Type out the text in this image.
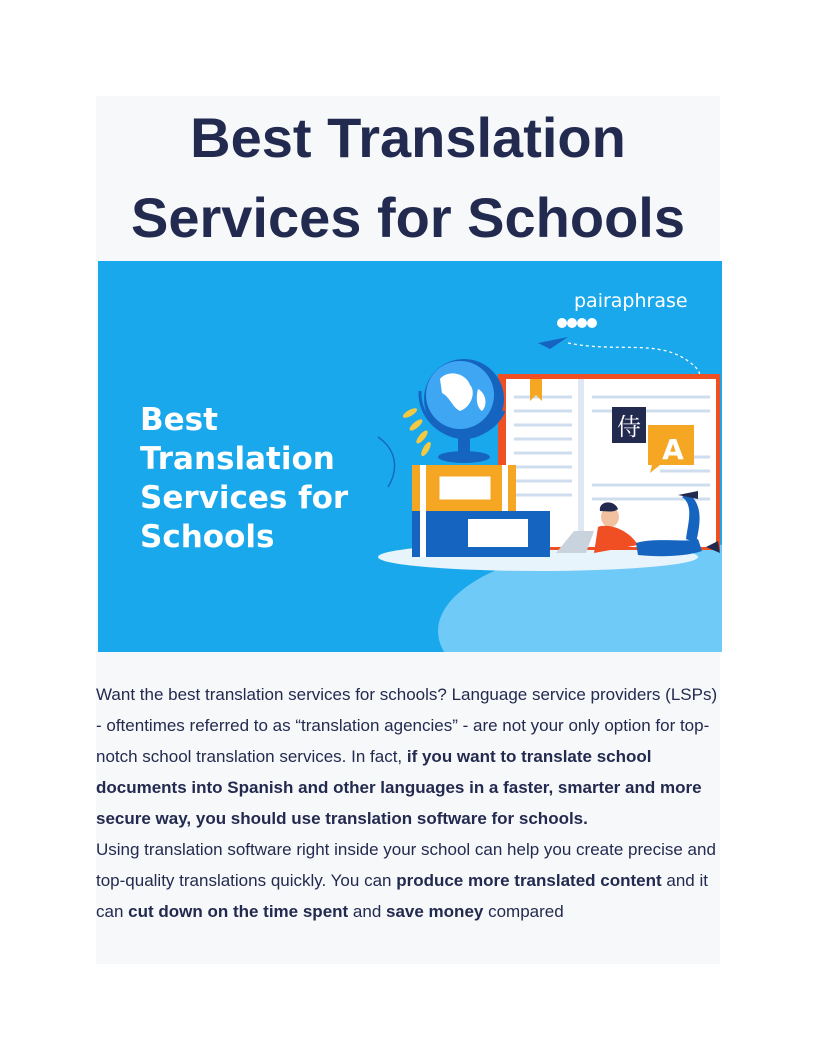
Best Translation Services for Schools
侍
A
Best Translation Services for Schools
pairaphrase

Want the best translation services for schools? Language service providers (LSPs) - oftentimes referred to as “translation agencies” - are not your only option for top-notch school translation services. In fact, if you want to translate school documents into Spanish and other languages in a faster, smarter and more secure way, you should use translation software for schools.

Using translation software right inside your school can help you create precise and top-quality translations quickly. You can produce more translated content and it can cut down on the time spent and save money compared
